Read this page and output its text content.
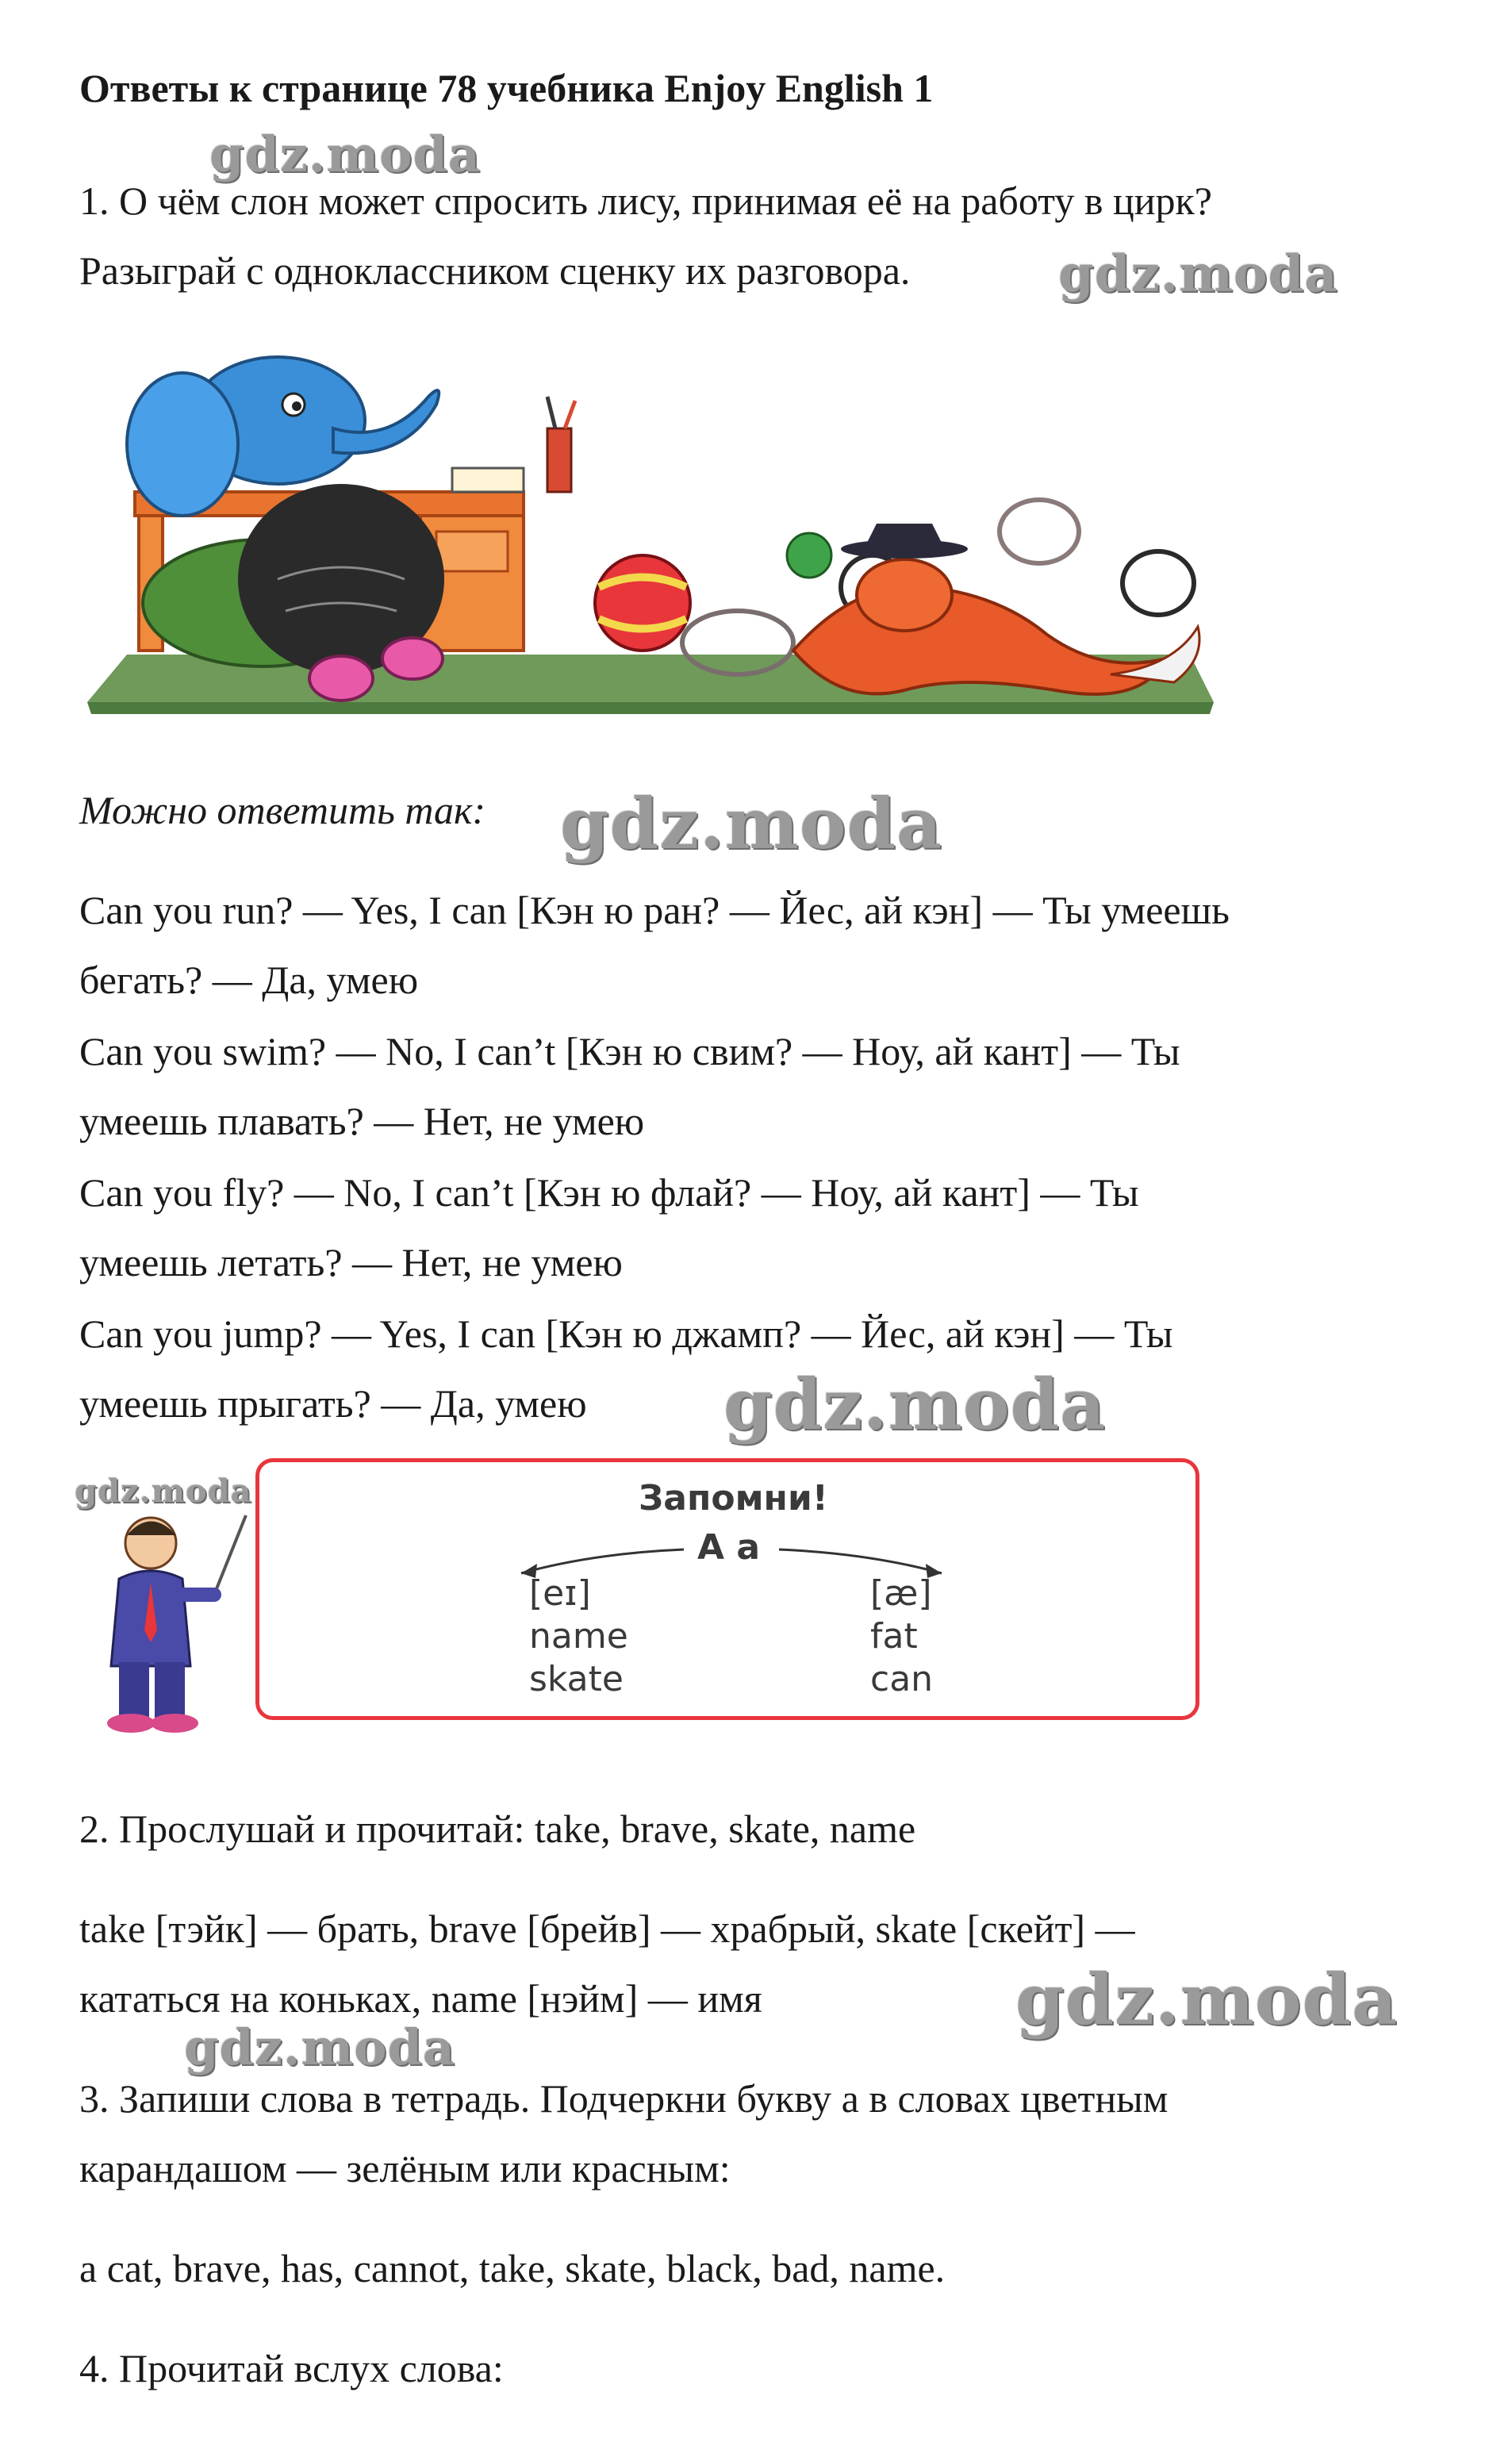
Ответы к странице 78 учебника Enjoy English 1

1. О чём слон может спросить лису, принимая её на работу в цирк?

Разыграй с одноклассником сценку их разговора.

Можно ответить так:

Can you run? — Yes, I can [Кэн ю ран? — Йес, ай кэн] — Ты умеешь

бегать? — Да, умею

Can you swim? — No, I can’t [Кэн ю свим? — Ноу, ай кант] — Ты

умеешь плавать? — Нет, не умею

Can you fly? — No, I can’t [Кэн ю флай? — Ноу, ай кант] — Ты

умеешь летать? — Нет, не умею

Can you jump? — Yes, I can [Кэн ю джамп? — Йес, ай кэн] — Ты

умеешь прыгать? — Да, умею

Запомни!
A a
[eɪ]
name
skate
[æ]
fat
can

2. Прослушай и прочитай: take, brave, skate, name

take [тэйк] — брать, brave [брейв] — храбрый, skate [скейт] —

кататься на коньках, name [нэйм] — имя

3. Запиши слова в тетрадь. Подчеркни букву а в словах цветным

карандашом — зелёным или красным:

a cat, brave, has, cannot, take, skate, black, bad, name.

4. Прочитай вслух слова:

gdz.moda
gdz.moda
gdz.moda
gdz.moda
gdz.moda
gdz.moda
gdz.moda
